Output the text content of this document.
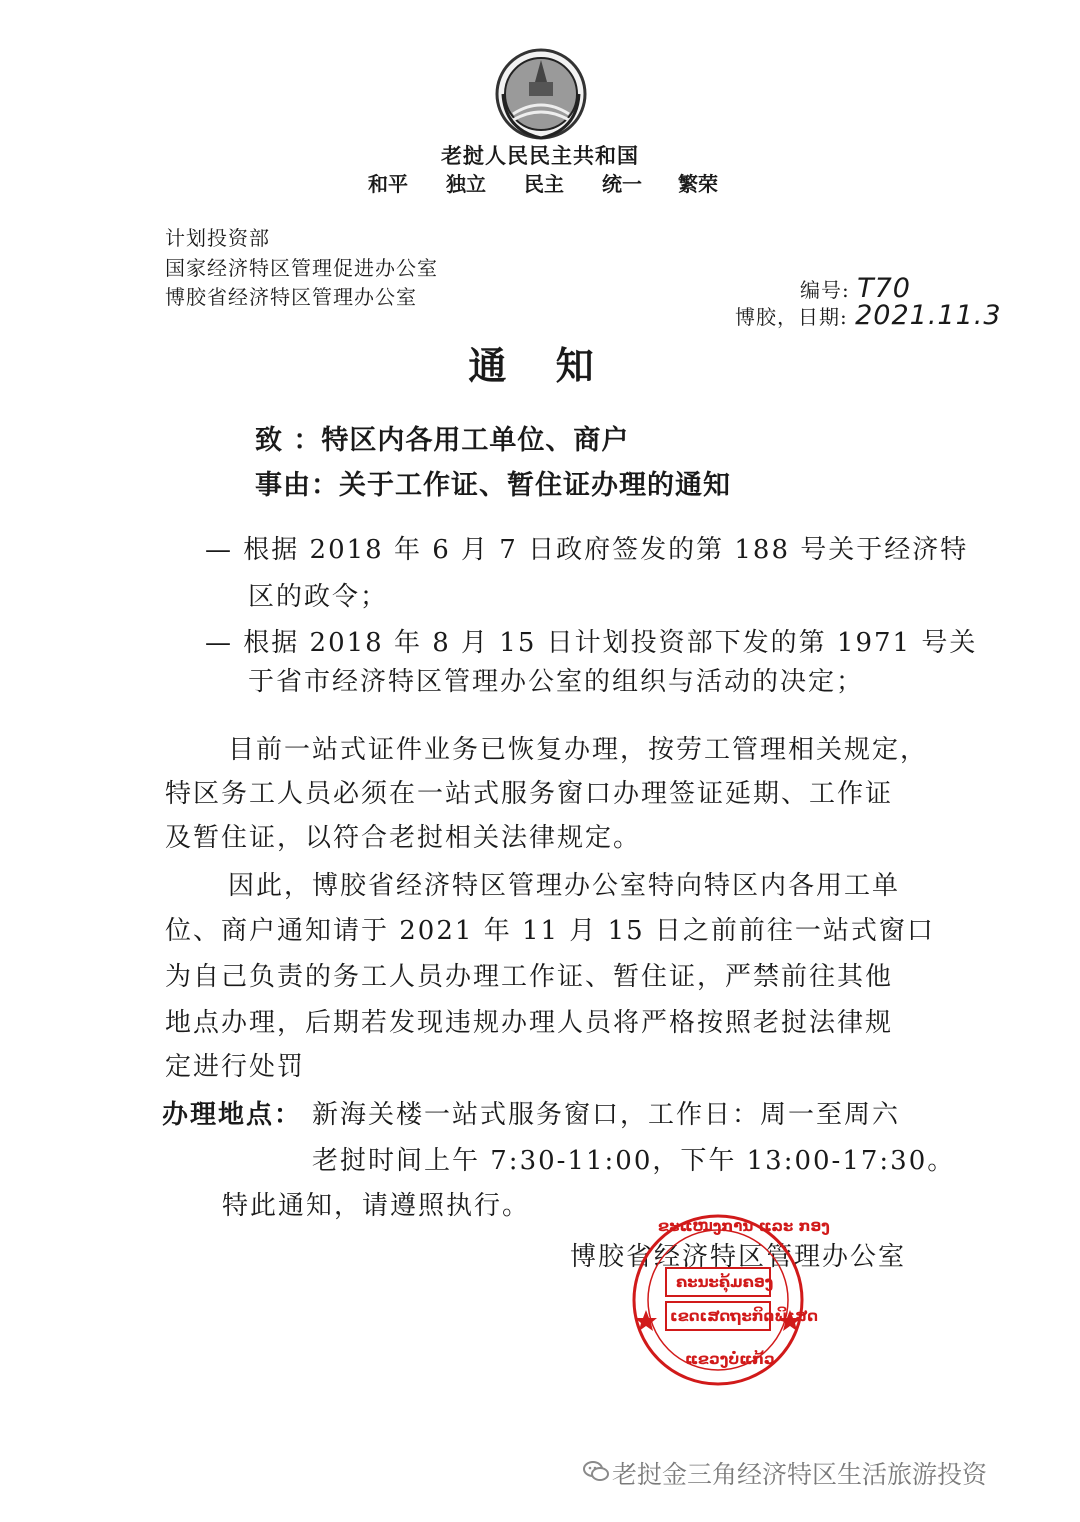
老挝人民民主共和国
和平 独立 民主 统一 繁荣
计划投资部
国家经济特区管理促进办公室
博胶省经济特区管理办公室	编号: T70
博胶，日期: 2021.11.3
通 知
致 ：特区内各用工单位、商户
事由：关于工作证、暂住证办理的通知
— 根据 2018 年 6 月 7 日政府签发的第 188 号关于经济特
区的政令；
— 根据 2018 年 8 月 15 日计划投资部下发的第 1971 号关
于省市经济特区管理办公室的组织与活动的决定；
目前一站式证件业务已恢复办理，按劳工管理相关规定，
特区务工人员必须在一站式服务窗口办理签证延期、工作证
及暂住证，以符合老挝相关法律规定。
因此，博胶省经济特区管理办公室特向特区内各用工单
位、商户通知请于 2021 年 11 月 15 日之前前往一站式窗口
为自己负责的务工人员办理工作证、暂住证，严禁前往其他
地点办理，后期若发现违规办理人员将严格按照老挝法律规
定进行处罚
办理地点： 新海关楼一站式服务窗口，工作日：周一至周六
老挝时间上午 7:30-11:00，下午 13:00-17:30。
特此通知，请遵照执行。
博胶省经济特区管理办公室
ຂະແໜງການ ແລະ ກອງ
ຄະນະຄຸ້ມຄອງ
ເຂດເສດຖະກິດພິເສດ
ແຂວງບໍ່ແກ້ວ
老挝金三角经济特区生活旅游投资
